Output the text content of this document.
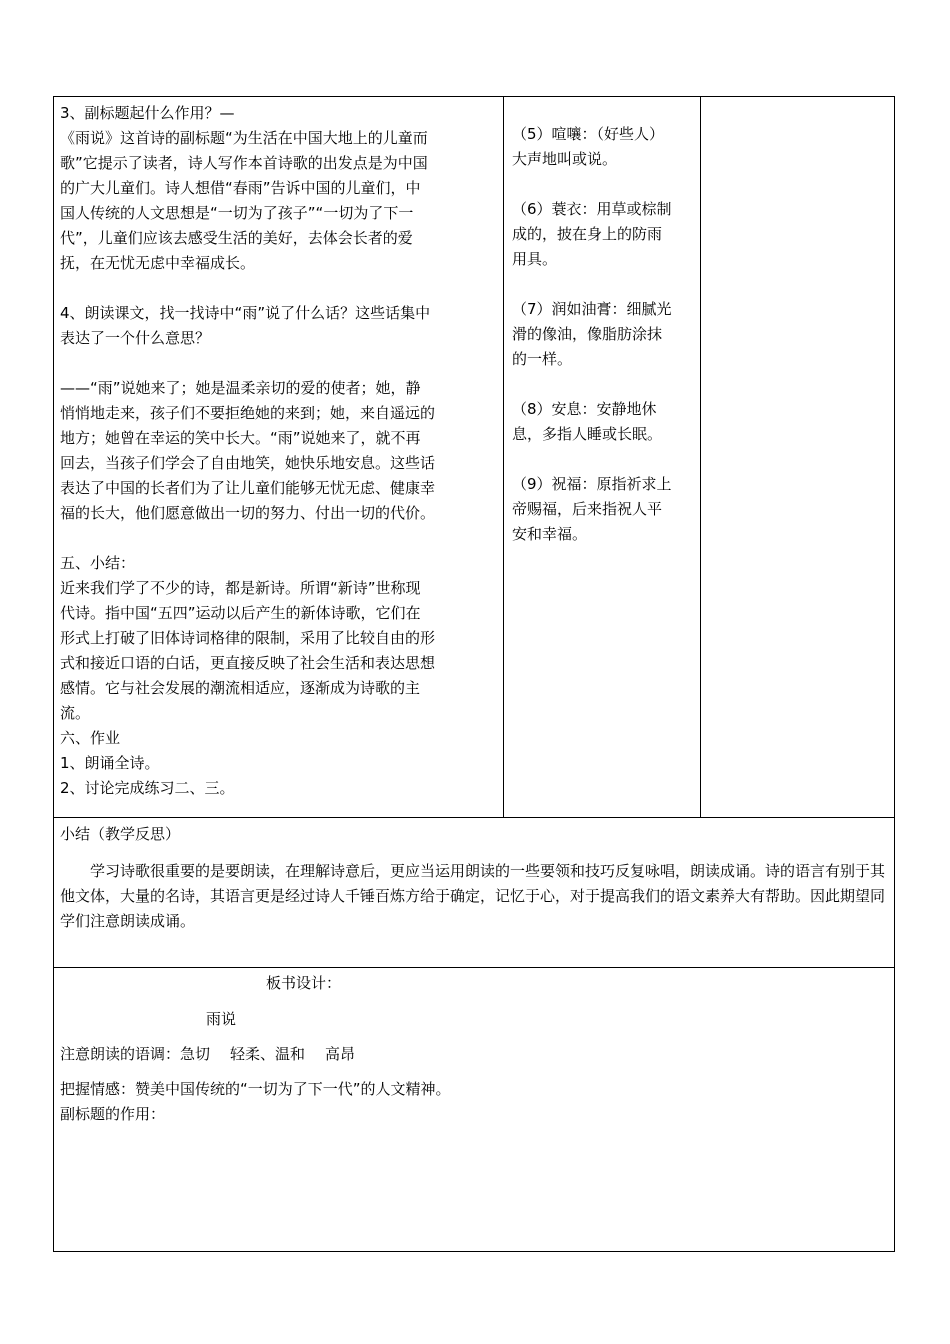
3、副标题起什么作用？—

《雨说》这首诗的副标题“为生活在中国大地上的儿童而

歌”它提示了读者，诗人写作本首诗歌的出发点是为中国

的广大儿童们。诗人想借“春雨”告诉中国的儿童们，中

国人传统的人文思想是“一切为了孩子”“一切为了下一

代”，儿童们应该去感受生活的美好，去体会长者的爱

抚，在无忧无虑中幸福成长。

4、朗读课文，找一找诗中“雨”说了什么话？这些话集中

表达了一个什么意思？

——“雨”说她来了；她是温柔亲切的爱的使者；她，静

悄悄地走来，孩子们不要拒绝她的来到；她，来自遥远的

地方；她曾在幸运的笑中长大。“雨”说她来了，就不再

回去，当孩子们学会了自由地笑，她快乐地安息。这些话

表达了中国的长者们为了让儿童们能够无忧无虑、健康幸

福的长大，他们愿意做出一切的努力、付出一切的代价。

五、小结：

近来我们学了不少的诗，都是新诗。所谓“新诗”世称现

代诗。指中国“五四”运动以后产生的新体诗歌，它们在

形式上打破了旧体诗词格律的限制，采用了比较自由的形

式和接近口语的白话，更直接反映了社会生活和表达思想

感情。它与社会发展的潮流相适应，逐渐成为诗歌的主

流。

六、作业

1、朗诵全诗。

2、讨论完成练习二、三。

（5）喧嚷：（好些人）
大声地叫或说。

（6）蓑衣：用草或棕制
成的，披在身上的防雨
用具。

（7）润如油膏：细腻光
滑的像油，像脂肪涂抹
的一样。

（8）安息：安静地休
息，多指人睡或长眠。

（9）祝福：原指祈求上
帝赐福，后来指祝人平
安和幸福。

小结（教学反思）

学习诗歌很重要的是要朗读，在理解诗意后，更应当运用朗读的一些要领和技巧反复咏唱，朗读成诵。诗的语言有别于其他文体，大量的名诗，其语言更是经过诗人千锤百炼方给于确定，记忆于心，对于提高我们的语文素养大有帮助。因此期望同学们注意朗读成诵。

板书设计：

雨说

注意朗读的语调：急切 轻柔、温和 高昂

把握情感：赞美中国传统的“一切为了下一代”的人文精神。

副标题的作用：
